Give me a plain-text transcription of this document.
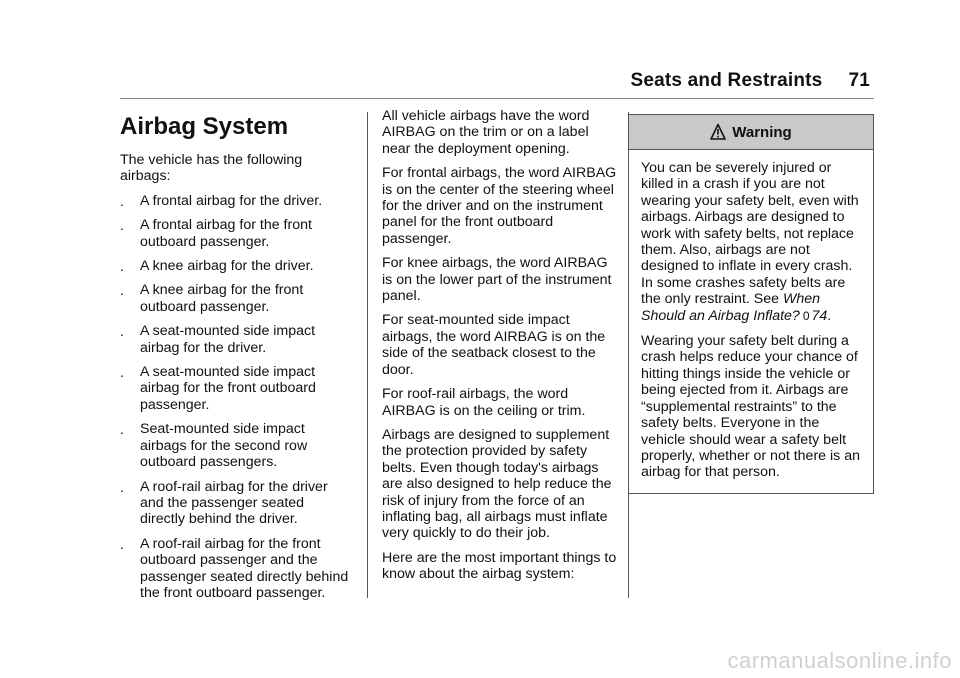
Seats and Restraints 71
Airbag System

The vehicle has the following airbags:

.	A frontal airbag for the driver.
.	A frontal airbag for the front outboard passenger.
.	A knee airbag for the driver.
.	A knee airbag for the front outboard passenger.
.	A seat-mounted side impact airbag for the driver.
.	A seat-mounted side impact airbag for the front outboard passenger.
.	Seat-mounted side impact airbags for the second row outboard passengers.
.	A roof-rail airbag for the driver and the passenger seated directly behind the driver.
.	A roof-rail airbag for the front outboard passenger and the passenger seated directly behind the front outboard passenger.

All vehicle airbags have the word AIRBAG on the trim or on a label near the deployment opening.

For frontal airbags, the word AIRBAG is on the center of the steering wheel for the driver and on the instrument panel for the front outboard passenger.

For knee airbags, the word AIRBAG is on the lower part of the instrument panel.

For seat-mounted side impact airbags, the word AIRBAG is on the side of the seatback closest to the door.

For roof-rail airbags, the word AIRBAG is on the ceiling or trim.

Airbags are designed to supplement the protection provided by safety belts. Even though today's airbags are also designed to help reduce the risk of injury from the force of an inflating bag, all airbags must inflate very quickly to do their job.

Here are the most important things to know about the airbag system:

Warning

You can be severely injured or killed in a crash if you are not wearing your safety belt, even with airbags. Airbags are designed to work with safety belts, not replace them. Also, airbags are not designed to inflate in every crash. In some crashes safety belts are the only restraint. See When Should an Airbag Inflate? 0 74.

Wearing your safety belt during a crash helps reduce your chance of hitting things inside the vehicle or being ejected from it. Airbags are “supplemental restraints” to the safety belts. Everyone in the vehicle should wear a safety belt properly, whether or not there is an airbag for that person.

carmanualsonline.info
